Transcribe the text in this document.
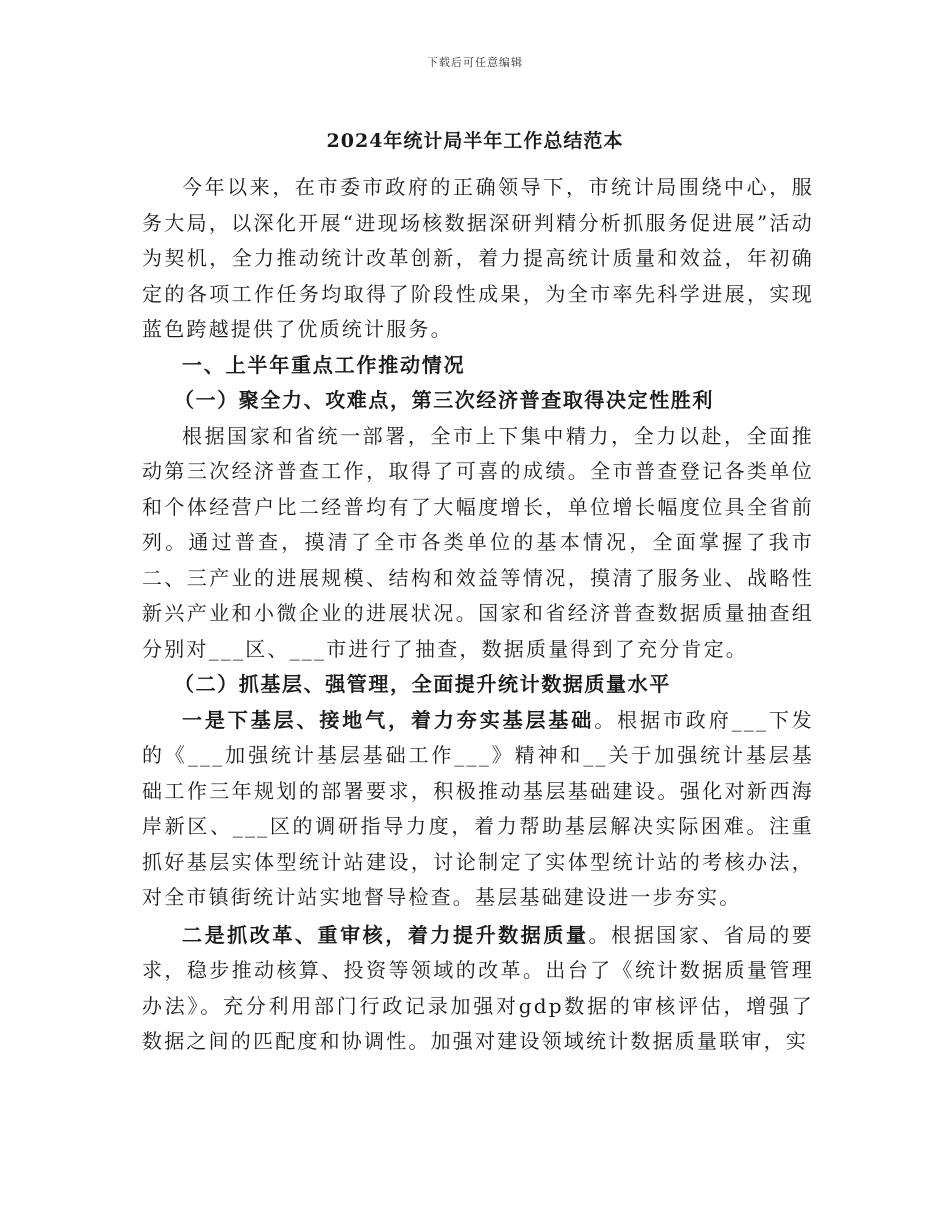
下载后可任意编辑
2024年统计局半年工作总结范本

今年以来，在市委市政府的正确领导下，市统计局围绕中心，服务大局，以深化开展“进现场核数据深研判精分析抓服务促进展”活动为契机，全力推动统计改革创新，着力提高统计质量和效益，年初确定的各项工作任务均取得了阶段性成果，为全市率先科学进展，实现蓝色跨越提供了优质统计服务。

一、上半年重点工作推动情况

（一）聚全力、攻难点，第三次经济普查取得决定性胜利

根据国家和省统一部署，全市上下集中精力，全力以赴，全面推动第三次经济普查工作，取得了可喜的成绩。全市普查登记各类单位和个体经营户比二经普均有了大幅度增长，单位增长幅度位具全省前列。通过普查，摸清了全市各类单位的基本情况，全面掌握了我市二、三产业的进展规模、结构和效益等情况，摸清了服务业、战略性新兴产业和小微企业的进展状况。国家和省经济普查数据质量抽查组分别对___区、___市进行了抽查，数据质量得到了充分肯定。

（二）抓基层、强管理，全面提升统计数据质量水平

一是下基层、接地气，着力夯实基层基础。根据市政府___下发的《___加强统计基层基础工作___》精神和__关于加强统计基层基础工作三年规划的部署要求，积极推动基层基础建设。强化对新西海岸新区、___区的调研指导力度，着力帮助基层解决实际困难。注重抓好基层实体型统计站建设，讨论制定了实体型统计站的考核办法，对全市镇街统计站实地督导检查。基层基础建设进一步夯实。

二是抓改革、重审核，着力提升数据质量。根据国家、省局的要求，稳步推动核算、投资等领域的改革。出台了《统计数据质量管理办法》。充分利用部门行政记录加强对gdp数据的审核评估，增强了数据之间的匹配度和协调性。加强对建设领域统计数据质量联审，实
